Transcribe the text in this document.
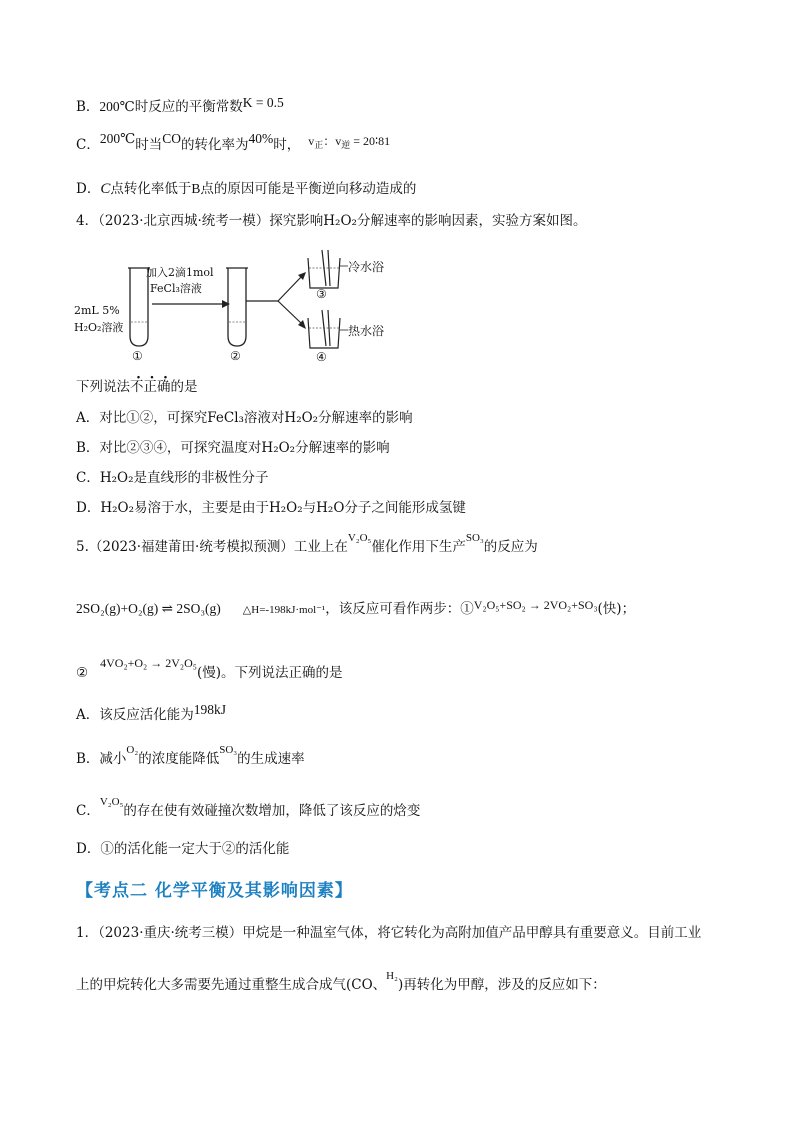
B．200℃时反应的平衡常数K = 0.5
C．200℃时当CO的转化率为40%时， $v_正$：$v_逆$ = 20∶81
D．C点转化率低于B点的原因可能是平衡逆向移动造成的
4．（2023·北京西城·统考一模）探究影响H₂O₂分解速率的影响因素，实验方案如图。
加入2滴1mol
FeCl₃溶液
2mL 5%
H₂O₂溶液
①	②
③
④
冷水浴
热水浴
下列说法不正确的是
A．对比①②，可探究FeCl₃溶液对H₂O₂分解速率的影响
B．对比②③④，可探究温度对H₂O₂分解速率的影响
C．H₂O₂是直线形的非极性分子
D．H₂O₂易溶于水，主要是由于H₂O₂与H₂O分子之间能形成氢键
5.（2023·福建莆田·统考模拟预测）工业上在$^{V_2O_5}$催化作用下生产$^{SO_3}$的反应为
2SO₂(g)+O₂(g) ⇌ 2SO₃(g) △H=-198kJ·mol⁻¹，该反应可看作两步：①V₂O₅+SO₂ → 2VO₂+SO₃(快)；
②4VO₂+O₂ → 2V₂O₅(慢)。下列说法正确的是
A．该反应活化能为198kJ
B．减小$^{O_2}$的浓度能降低$^{SO_3}$的生成速率
C．$^{V_2O_5}$的存在使有效碰撞次数增加，降低了该反应的焓变
D．①的活化能一定大于②的活化能
【考点二 化学平衡及其影响因素】
1．（2023·重庆·统考三模）甲烷是一种温室气体，将它转化为高附加值产品甲醇具有重要意义。目前工业
上的甲烷转化大多需要先通过重整生成合成气(CO、$^{H_2}$)再转化为甲醇，涉及的反应如下：
